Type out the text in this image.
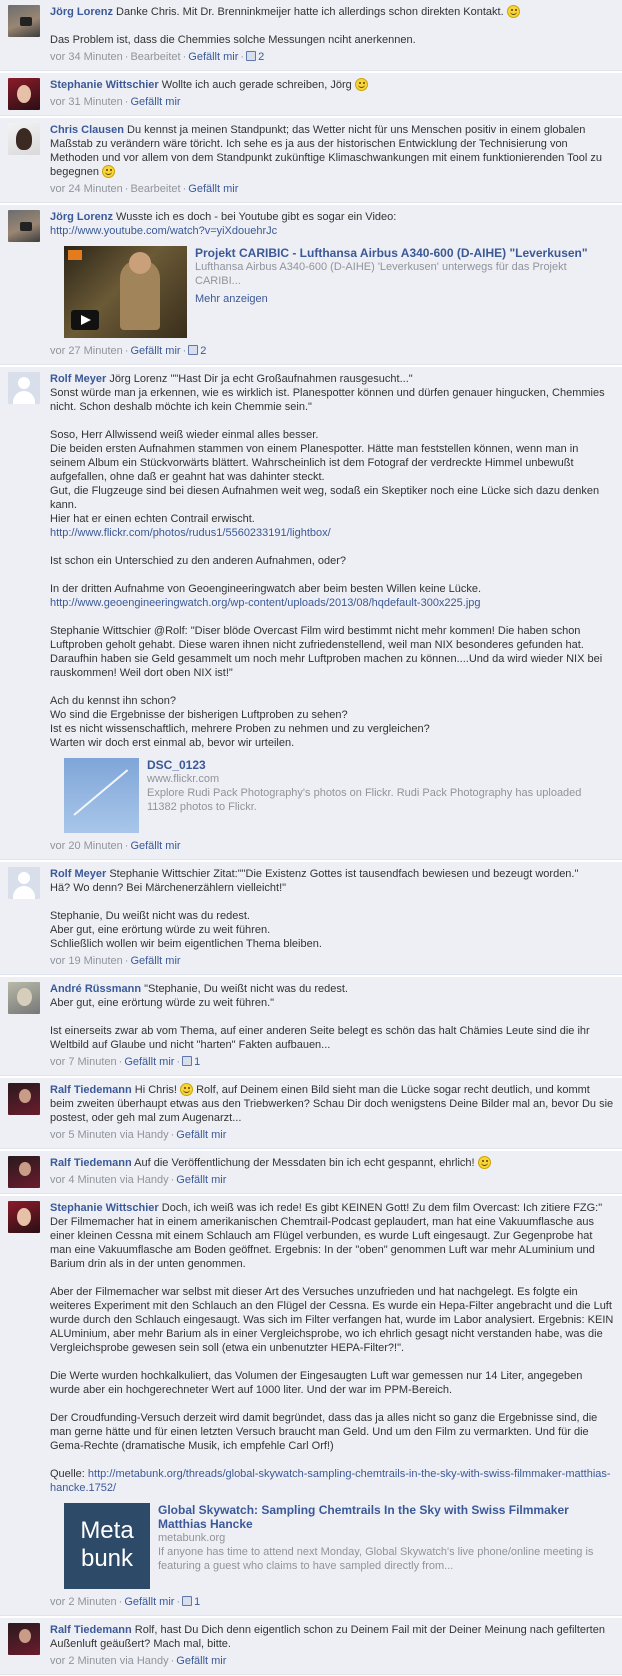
Jörg Lorenz Danke Chris. Mit Dr. Brenninkmeijer hatte ich allerdings schon direkten Kontakt.
Das Problem ist, dass die Chemmies solche Messungen nciht anerkennen.
vor 34 Minuten · Bearbeitet · Gefällt mir · 2
Stephanie Wittschier Wollte ich auch gerade schreiben, Jörg
vor 31 Minuten · Gefällt mir
Chris Clausen Du kennst ja meinen Standpunkt; das Wetter nicht für uns Menschen positiv in einem globalen Maßstab zu verändern wäre töricht. Ich sehe es ja aus der historischen Entwicklung der Technisierung von Methoden und vor allem von dem Standpunkt zukünftige Klimaschwankungen mit einem funktionierenden Tool zu begegnen
vor 24 Minuten · Bearbeitet · Gefällt mir
Jörg Lorenz Wusste ich es doch - bei Youtube gibt es sogar ein Video:
http://www.youtube.com/watch?v=yiXdouehrJc
Projekt CARIBIC - Lufthansa Airbus A340-600 (D-AIHE) "Leverkusen"
Lufthansa Airbus A340-600 (D-AIHE) 'Leverkusen' unterwegs für das Projekt CARIBI...
Mehr anzeigen
vor 27 Minuten · Gefällt mir · 2
Rolf Meyer Jörg Lorenz ""Hast Dir ja echt Großaufnahmen rausgesucht..."
Sonst würde man ja erkennen, wie es wirklich ist. Planespotter können und dürfen genauer hingucken, Chemmies nicht. Schon deshalb möchte ich kein Chemmie sein."
Soso, Herr Allwissend weiß wieder einmal alles besser.
Die beiden ersten Aufnahmen stammen von einem Planespotter. Hätte man feststellen können, wenn man in seinem Album ein Stückvorwärts blättert. Wahrscheinlich ist dem Fotograf der verdreckte Himmel unbewußt aufgefallen, ohne daß er geahnt hat was dahinter steckt.
Gut, die Flugzeuge sind bei diesen Aufnahmen weit weg, sodaß ein Skeptiker noch eine Lücke sich dazu denken kann.
Hier hat er einen echten Contrail erwischt.
http://www.flickr.com/photos/rudus1/5560233191/lightbox/
Ist schon ein Unterschied zu den anderen Aufnahmen, oder?
In der dritten Aufnahme von Geoengineeringwatch aber beim besten Willen keine Lücke.
http://www.geoengineeringwatch.org/wp-content/uploads/2013/08/hqdefault-300x225.jpg
Stephanie Wittschier @Rolf: "Diser blöde Overcast Film wird bestimmt nicht mehr kommen! Die haben schon Luftproben geholt gehabt. Diese waren ihnen nicht zufriedenstellend, weil man NIX besonderes gefunden hat. Daraufhin haben sie Geld gesammelt um noch mehr Luftproben machen zu können....Und da wird wieder NIX bei rauskommen! Weil dort oben NIX ist!"
Ach du kennst ihn schon?
Wo sind die Ergebnisse der bisherigen Luftproben zu sehen?
Ist es nicht wissenschaftlich, mehrere Proben zu nehmen und zu vergleichen?
Warten wir doch erst einmal ab, bevor wir urteilen.
DSC_0123
www.flickr.com
Explore Rudi Pack Photography's photos on Flickr. Rudi Pack Photography has uploaded 11382 photos to Flickr.
vor 20 Minuten · Gefällt mir
Rolf Meyer Stephanie Wittschier Zitat:""Die Existenz Gottes ist tausendfach bewiesen und bezeugt worden."
Hä? Wo denn? Bei Märchenerzählern vielleicht!"
Stephanie, Du weißt nicht was du redest.
Aber gut, eine erörtung würde zu weit führen.
Schließlich wollen wir beim eigentlichen Thema bleiben.
vor 19 Minuten · Gefällt mir
André Rüssmann "Stephanie, Du weißt nicht was du redest.
Aber gut, eine erörtung würde zu weit führen."
Ist einerseits zwar ab vom Thema, auf einer anderen Seite belegt es schön das halt Chämies Leute sind die ihr Weltbild auf Glaube und nicht "harten" Fakten aufbauen...
vor 7 Minuten · Gefällt mir · 1
Ralf Tiedemann Hi Chris! Rolf, auf Deinem einen Bild sieht man die Lücke sogar recht deutlich, und kommt beim zweiten überhaupt etwas aus den Triebwerken? Schau Dir doch wenigstens Deine Bilder mal an, bevor Du sie postest, oder geh mal zum Augenarzt...
vor 5 Minuten via Handy · Gefällt mir
Ralf Tiedemann Auf die Veröffentlichung der Messdaten bin ich echt gespannt, ehrlich!
vor 4 Minuten via Handy · Gefällt mir
Stephanie Wittschier Doch, ich weiß was ich rede! Es gibt KEINEN Gott! Zu dem film Overcast: Ich zitiere FZG:" Der Filmemacher hat in einem amerikanischen Chemtrail-Podcast geplaudert, man hat eine Vakuumflasche aus einer kleinen Cessna mit einem Schlauch am Flügel verbunden, es wurde Luft eingesaugt. Zur Gegenprobe hat man eine Vakuumflasche am Boden geöffnet. Ergebnis: In der "oben" genommen Luft war mehr ALuminium und Barium drin als in der unten genommen.
Aber der Filmemacher war selbst mit dieser Art des Versuches unzufrieden und hat nachgelegt. Es folgte ein weiteres Experiment mit den Schlauch an den Flügel der Cessna. Es wurde ein Hepa-Filter angebracht und die Luft wurde durch den Schlauch eingesaugt. Was sich im Filter verfangen hat, wurde im Labor analysiert. Ergebnis: KEIN ALUminium, aber mehr Barium als in einer Vergleichsprobe, wo ich ehrlich gesagt nicht verstanden habe, was die Vergleichsprobe gewesen sein soll (etwa ein unbenutzter HEPA-Filter?!".
Die Werte wurden hochkalkuliert, das Volumen der Eingesaugten Luft war gemessen nur 14 Liter, angegeben wurde aber ein hochgerechneter Wert auf 1000 liter. Und der war im PPM-Bereich.
Der Croudfunding-Versuch derzeit wird damit begründet, dass das ja alles nicht so ganz die Ergebnisse sind, die man gerne hätte und für einen letzten Versuch braucht man Geld. Und um den Film zu vermarkten. Und für die Gema-Rechte (dramatische Musik, ich empfehle Carl Orf!)
Quelle: http://metabunk.org/threads/global-skywatch-sampling-chemtrails-in-the-sky-with-swiss-filmmaker-matthias-hancke.1752/
Meta bunk
Global Skywatch: Sampling Chemtrails In the Sky with Swiss Filmmaker Matthias Hancke
metabunk.org
If anyone has time to attend next Monday, Global Skywatch's live phone/online meeting is featuring a guest who claims to have sampled directly from...
vor 2 Minuten · Gefällt mir · 1
Ralf Tiedemann Rolf, hast Du Dich denn eigentlich schon zu Deinem Fail mit der Deiner Meinung nach gefilterten Außenluft geäußert? Mach mal, bitte.
vor 2 Minuten via Handy · Gefällt mir
